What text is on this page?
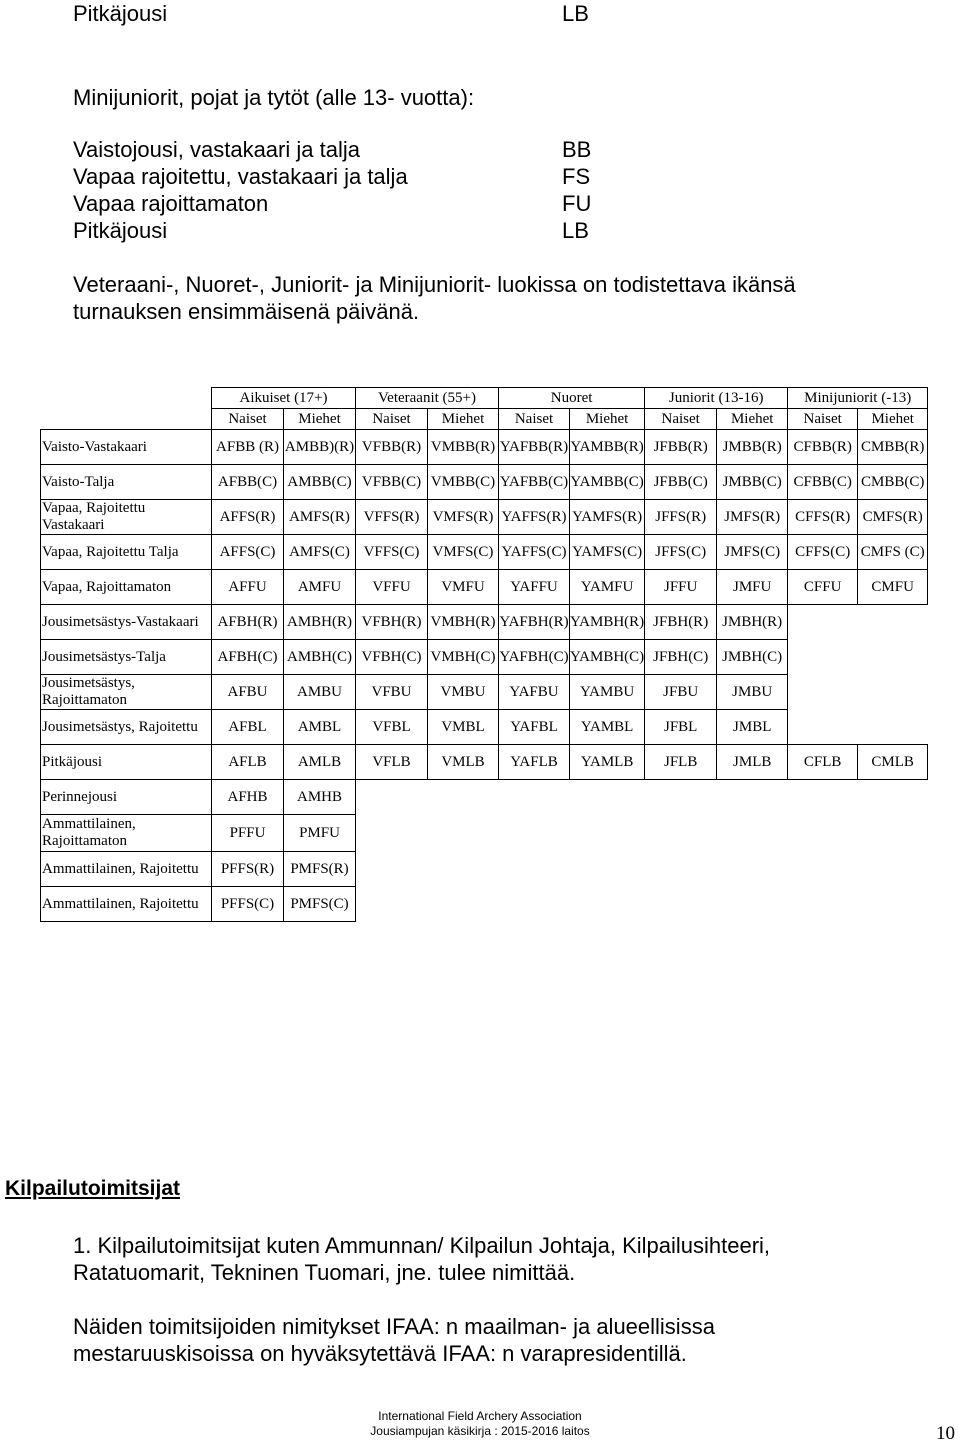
Pitkäjousi	LB
Minijuniorit, pojat ja tytöt (alle 13- vuotta):
Vaistojousi, vastakaari ja talja	BB
Vapaa rajoitettu, vastakaari ja talja	FS
Vapaa rajoittamaton	FU
Pitkäjousi	LB
Veteraani-, Nuoret-, Juniorit- ja Minijuniorit- luokissa on todistettava ikänsä
turnauksen ensimmäisenä päivänä.
	Aikuiset (17+)		Veteraanit (55+)		Nuoret		Juniorit (13-16)		Minijuniorit (-13)	
	Naiset	Miehet	Naiset	Miehet	Naiset	Miehet	Naiset	Miehet	Naiset	Miehet
Vaisto-Vastakaari	AFBB (R)	AMBB)(R)	VFBB(R)	VMBB(R)	YAFBB(R)	YAMBB(R)	JFBB(R)	JMBB(R)	CFBB(R)	CMBB(R)
Vaisto-Talja	AFBB(C)	AMBB(C)	VFBB(C)	VMBB(C)	YAFBB(C)	YAMBB(C)	JFBB(C)	JMBB(C)	CFBB(C)	CMBB(C)
Vapaa, Rajoitettu
Vastakaari	AFFS(R)	AMFS(R)	VFFS(R)	VMFS(R)	YAFFS(R)	YAMFS(R)	JFFS(R)	JMFS(R)	CFFS(R)	CMFS(R)
Vapaa, Rajoitettu Talja	AFFS(C)	AMFS(C)	VFFS(C)	VMFS(C)	YAFFS(C)	YAMFS(C)	JFFS(C)	JMFS(C)	CFFS(C)	CMFS (C)
Vapaa, Rajoittamaton	AFFU	AMFU	VFFU	VMFU	YAFFU	YAMFU	JFFU	JMFU	CFFU	CMFU
Jousimetsästys-Vastakaari	AFBH(R)	AMBH(R)	VFBH(R)	VMBH(R)	YAFBH(R)	YAMBH(R)	JFBH(R)	JMBH(R)		
Jousimetsästys-Talja	AFBH(C)	AMBH(C)	VFBH(C)	VMBH(C)	YAFBH(C)	YAMBH(C)	JFBH(C)	JMBH(C)		
Jousimetsästys,
Rajoittamaton	AFBU	AMBU	VFBU	VMBU	YAFBU	YAMBU	JFBU	JMBU		
Jousimetsästys, Rajoitettu	AFBL	AMBL	VFBL	VMBL	YAFBL	YAMBL	JFBL	JMBL		
Pitkäjousi	AFLB	AMLB	VFLB	VMLB	YAFLB	YAMLB	JFLB	JMLB	CFLB	CMLB
Perinnejousi	AFHB	AMHB								
Ammattilainen,
Rajoittamaton	PFFU	PMFU								
Ammattilainen, Rajoitettu	PFFS(R)	PMFS(R)								
Ammattilainen, Rajoitettu	PFFS(C)	PMFS(C)								
Kilpailutoimitsijat
1. Kilpailutoimitsijat kuten Ammunnan/ Kilpailun Johtaja, Kilpailusihteeri,
Ratatuomarit, Tekninen Tuomari, jne. tulee nimittää.
Näiden toimitsijoiden nimitykset IFAA: n maailman- ja alueellisissa
mestaruuskisoissa on hyväksytettävä IFAA: n varapresidentillä.
International Field Archery Association
Jousiampujan käsikirja : 2015-2016 laitos	10
